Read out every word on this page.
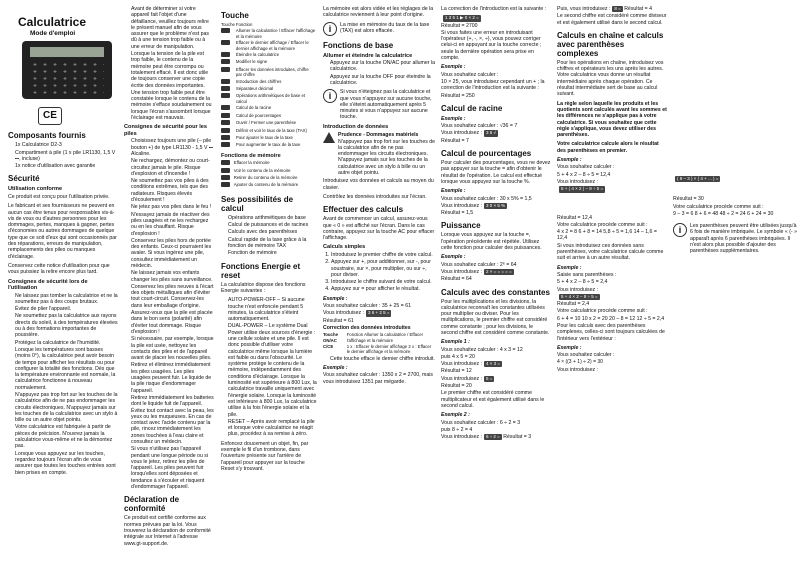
Calculatrice
Mode d'emploi
CE
Composants fournis
• 1x Calculatrice D2-3
• Compartiment à pile (1 x pile LR1130, 1,5 V ⎓, incluse)
• 1x notice d'utilisation avec garantie
Sécurité
Utilisation conforme

Ce produit est conçu pour l'utilisation privée.

Le fabricant et ses fournisseurs ne peuvent en aucun cas être tenus pour responsables vis-à-vis de vous ou d'autres personnes pour les dommages, pertes, manques à gagner, pertes d'économies ou autres dommages de quelque type que ce soit d'eux qui sont occasionnés par des réparations, erreurs de manipulation, remplacements des piles ou manques d'éclairage.

Conservez cette notice d'utilisation pour que vous puissiez la relire encore plus tard.

Consignes de sécurité lors de l'utilisation
• Ne laissez pas tomber la calculatrice et ne la soumettez pas à des coups brutaux.
• Évitez de plier l'appareil.
• Ne soumettez pas la calculatrice aux rayons directs du soleil, à des températures élevées ou à des formations importantes de poussière.
• Protégez la calculatrice de l'humidité.
• Lorsque les températures sont basses (moins 0°), la calculatrice peut avoir besoin de temps pour afficher les résultats ou pour configurer la totalité des fonctions. Dès que la température environnante est normale, la calculatrice fonctionne à nouveau normalement.
• N'appuyez pas trop fort sur les touches de la calculatrice afin de ne pas endommager les circuits électroniques. N'appuyez jamais sur les touches de la calculatrice avec un stylo à bille ou un autre objet pointu.
• Votre calculatrice est fabriquée à partir de pièces de précision. N'ouvrez jamais la calculatrice vous-même et ne la démontez pas.
• Lorsque vous appuyez sur les touches, regardez toujours l'écran afin de vous assurer que toutes les touches entrées sont bien prises en compte.
• Avant de déterminer si votre appareil fait l'objet d'une défaillance, veuillez toujours relire le présent manuel afin de vous assurer que le problème n'est pas dû à une tension trop faible ou à une erreur de manipulation.
• Lorsque la tension de la pile est trop faible, le contenu de la mémoire peut être corrompu ou totalement effacé. Il est donc utile de toujours conserver une copie écrite des données importantes.
• Une tension trop faible peut être constatée lorsque le contenu de la mémoire s'efface soudainement ou lorsque l'écran s'assombrit lorsque l'éclairage est mauvais.
Consignes de sécurité pour les piles
• Choisissez toujours une pile (– pile bouton +) de type LR1130 - 1,5 V ⎓ Alcaline.
• Ne rechargez, démontez ou court-circuitez jamais le pile. Risque d'explosion et d'incendie !
• Ne soumettez pas vos piles à des conditions extrêmes, tels que des radiateurs. Risques élevés d'écoulement !
• Ne jetez pas vos piles dans le feu !
• N'essayez jamais de réactiver des piles usagées et ne les rechargez ou en les chauffant. Risque d'explosion !
• Conservez les piles hors de portée des enfants. Ceux-ci pourraient les avaler. Si vous ingérez une pile, consultez immédiatement un médecin.
• Ne laissez jamais vos enfants changer les piles sans surveillance.
• Conservez les piles neuves à l'écart des objets métalliques afin d'éviter tout court-circuit. Conservez-les dans leur emballage d'origine.
• Assurez-vous que la pile est placée dans le bon sens (polarité) afin d'éviter tout dommage. Risque d'explosion !
• Si nécessaire, par exemple, lorsque la pile est usée, nettoyez les contacts des piles et de l'appareil avant de placer les nouvelles piles.
• Retirez et éliminez immédiatement les piles usagées. Les piles usagées peuvent fuir. Le liquide de la pile risque d'endommager l'appareil.
• Retirez immédiatement les batteries dont le liquide fuit de l'appareil. Évitez tout contact avec la peau, les yeux ou les muqueuses. En cas de contact avec l'acide contenu par la pile, rincez immédiatement les zones touchées à l'eau claire et consultez un médecin.
• Si vous n'utilisez pas l'appareil pendant une longue période ou si vous le jetez, retirez les piles de l'appareil. Les piles peuvent fuir lorsqu'elles sont déposées et tendance à s'écouler et risquent d'endommager l'appareil.
Déclaration de conformité

Ce produit est certifié conforme aux normes prévues par la loi. Vous trouverez la déclaration de conformité intégrale sur Internet à l'adresse www.gt-support.de.

Touche
Touche	Fonction
	Allumer la calculatrice / Effacer l'affichage et la mémoire
	Effacer le dernier affichage / Effacer le dernier affichage et la mémoire
	Éteindre la calculatrice
	Modifier le signe
	Effacer les données introduites, chiffre par chiffre
	Introduction des chiffres
	Séparateur décimal
	Opérations arithmétiques de base et calcul
	Calcul de la racine
	Calcul de pourcentages
	Ouvrir / Fermer une parenthèse
	Définir et voir le taux de la taxe (TAX)
	Pour ajouter le taux de la taxe
	Pour augmenter le taux de la taxe
Fonctions de mémoire
	Effacer la mémoire
	Voir le contenu de la mémoire
	Retirer du contenu de la mémoire
	Ajouter du contenu de la mémoire
Ses possibilités de calcul
• Opérations arithmétiques de base
• Calcul de puissances et de racines
• Calculs avec des parenthèses
• Calcul rapide de la taxe grâce à la fonction de mémoire TAX
• Fonction de mémoire
Fonctions Energie et reset

La calculatrice dispose des fonctions Energie suivantes :

• AUTO-POWER-OFF – Si aucune touche n'est enfoncée pendant 5 minutes, la calculatrice s'éteint automatiquement.
• DUAL-POWER – Le système Dual Power utilise deux sources d'énergie : une cellule solaire et une pile. Il est donc possible d'utiliser votre calculatrice même lorsque la lumière est faible ou dans l'obscurité. Le système protège le contenu de la mémoire, indépendamment des conditions d'éclairage. Lorsque la luminosité est supérieure à 800 Lux, la calculatrice travaille uniquement avec l'énergie solaire. Lorsque la luminosité est inférieure à 800 Lux, la calculatrice utilise à la fois l'énergie solaire et la pile.
• RESET – Après avoir remplacé la pile et lorsque votre calculatrice ne réagit plus, procédez à sa remise à zéro.

Enfoncez doucement un objet, fin, par exemple le fil d'un trombone, dans l'ouverture présente sur l'arrière de l'appareil pour appuyer sur la touche Reset s'y trouvant.

La mémoire est alors vidée et les réglages de la calculatrice reviennent à leur point d'origine.

i	La mise en mémoire du taux de la taxe (TAX) est alors effacée.
Fonctions de base
Allumer et éteindre la calculatrice
• Appuyez sur la touche ON/AC pour allumer la calculatrice.
• Appuyez sur la touche OFF pour éteindre la calculatrice.
i	Si vous n'éteignez pas la calculatrice et que vous n'appuyez sur aucune touche, elle s'éteint automatiquement après 5 minutes si vous n'appuyez sur aucune touche.
Introduction de données
Prudence - Dommages matériels
N'appuyez pas trop fort sur les touches de la calculatrice afin de ne pas endommager les circuits électroniques. N'appuyez jamais sur les touches de la calculatrice avec un stylo à bille ou un autre objet pointu.

Introduisez vos données et calculs au moyen du clavier.

Contrôlez les données introduites sur l'écran.

Effectuer des calculs

Avant de commencer un calcul, assurez-vous que « 0 » est affiché sur l'écran. Dans le cas contraire, appuyez sur la touche AC pour effacer l'affichage.

Calculs simples
1. Introduisez le premier chiffre de votre calcul.
2. Appuyez sur +, pour additionner, sur -, pour soustraire, sur ×, pour multiplier, ou sur ÷, pour diviser.
3. Introduisez le chiffre suivant de votre calcul.
4. Appuyez sur = pour afficher le résultat.
Exemple :
Vous souhaitez calculer : 35 + 25 = 61
Vous introduisez : 3 6 + 2 5 =
Résultat = 61
Correction des données introduites
Touche ON/AC	Fonction Allumer la calculatrice / Effacer l'affichage et la mémoire
C/CE	1 x : Effacer le dernier affichage 2 x : Effacer le dernier affichage et la mémoire
• Cette touche efface le dernier chiffre introduit.
Exemple :
Vous souhaitez calculer : 1350 x 2 = 2700, mais vous introduisez 1351 par mégarde.

La correction de l'introduction est la suivante :

1 3 5 1 ▶ 0 × 2 =
Résultat = 2700

Si vous faites une erreur en introduisant l'opérateur (+, -, ×, ÷), vous pouvez corriger celui-ci en appuyant sur la touche correcte ; seule la dernière opération sera prise en compte.

Exemple :
Vous souhaitez calculer :
10 × 25, vous introduisez cependant un + ; la correction de l'introduction est la suivante :
Résultat = 250
Calcul de racine
Exemple :
Vous souhaitez calculer : √36 = 7
Vous introduisez : 3 6 √
Résultat = 7
Calcul de pourcentages

Pour calculer des pourcentages, vous ne devez pas appuyer sur la touche = afin d'obtenir le résultat de l'opération. Le calcul est effectué lorsque vous appuyez sur la touche %.

Exemple :
Vous souhaitez calculer : 30 x 5% = 1,5
Vous introduisez : 3 0 × 5 %
Résultat = 1,5
Puissance

Lorsque vous appuyez sur la touche =, l'opération précédente est répétée. Utilisez cette fonction pour calculer des puissances.

Exemple :
Vous souhaitez calculer : 2⁶ = 64
Vous introduisez : 2 × = = = = =
Résultat = 64
Calculs avec des constantes

Pour les multiplications et les divisions, la calculatrice reconnaît les constantes utilisées pour multiplier ou diviser. Pour les multiplications, le premier chiffre est considéré comme constante ; pour les divisions, le second chiffre est considéré comme constante.

Exemple 1 :
Vous souhaitez calculer : 4 x 3 = 12
puis 4 x 5 = 20
Vous introduisez : 4 × 3 =
Résultat = 12
Vous introduisez : 5 =
Résultat = 20

Le premier chiffre est considéré comme multiplicateur et est également utilisé dans le second calcul.

Exemple 2 :
Vous souhaitez calculer : 6 ÷ 2 = 3
puis 8 ÷ 2 = 4
Vous introduisez : 6 ÷ 2 = Résultat = 3
Puis, vous introduisez : 8 = Résultat = 4

Le second chiffre est considéré comme diviseur et est également utilisé dans le second calcul.

Calculs en chaîne et calculs avec parenthèses complexes

Pour les opérations en chaîne, introduisez vos chiffres et opérateurs les uns après les autres. Votre calculatrice vous donne un résultat intermédiaire après chaque opération. Ce résultat intermédiaire sert de base au calcul suivant.

La règle selon laquelle les produits et les quotients sont calculés avant les sommes et les différences ne s'applique pas à votre calculatrice. Si vous souhaitez que cette règle s'applique, vous devez utiliser des parenthèses.

Votre calculatrice calcule alors le résultat des parenthèses en premier.

Exemple :
Vous souhaitez calculer :
5 + 4 x 2 – 8 ÷ 5 = 12,4
Vous introduisez :
5 + ( 4 × 2 ) – 8 ÷ 5 =
Résultat = 12,4
Votre calculatrice procède comme suit :
4 x 2 = 8 6 + 8 = 14 5,8 ÷ 5 = 1,6 14 – 1,6 = 12,4

Si vous introduisez ces données sans parenthèses, votre calculatrice calcule comme suit et arrive à un autre résultat.

Exemple :
Saisie sans parenthèses :
5 + 4 x 2 – 8 ÷ 5 = 2,4
Vous introduisez :
5 + 4 × 2 – 8 ÷ 5 =
Résultat = 2,4
Votre calculatrice procède comme suit :
6 + 4 = 10 10 x 2 = 20 20 – 8 = 12 12 ÷ 5 = 2,4

Pour les calculs avec des parenthèses complexes, celles-ci sont toujours calculées de l'intérieur vers l'extérieur :

Exemple :
Vous souhaitez calculer :
4 × ((3 + 1) ÷ 2) = 30
Vous introduisez :
( 9 – 3 ) × ( 4 + ... ) =
Résultat = 30
Votre calculatrice procède comme suit :
9 – 3 = 6 8 + 6 = 48 48 ÷ 2 = 24 6 + 24 = 30
i	Les parenthèses peuvent être utilisées jusqu'à 6 fois de manière imbriquée. Le symbole « (- » apparaît après 6 parenthèses imbriquées. Il n'est alors plus possible d'ajouter des parenthèses supplémentaires.
